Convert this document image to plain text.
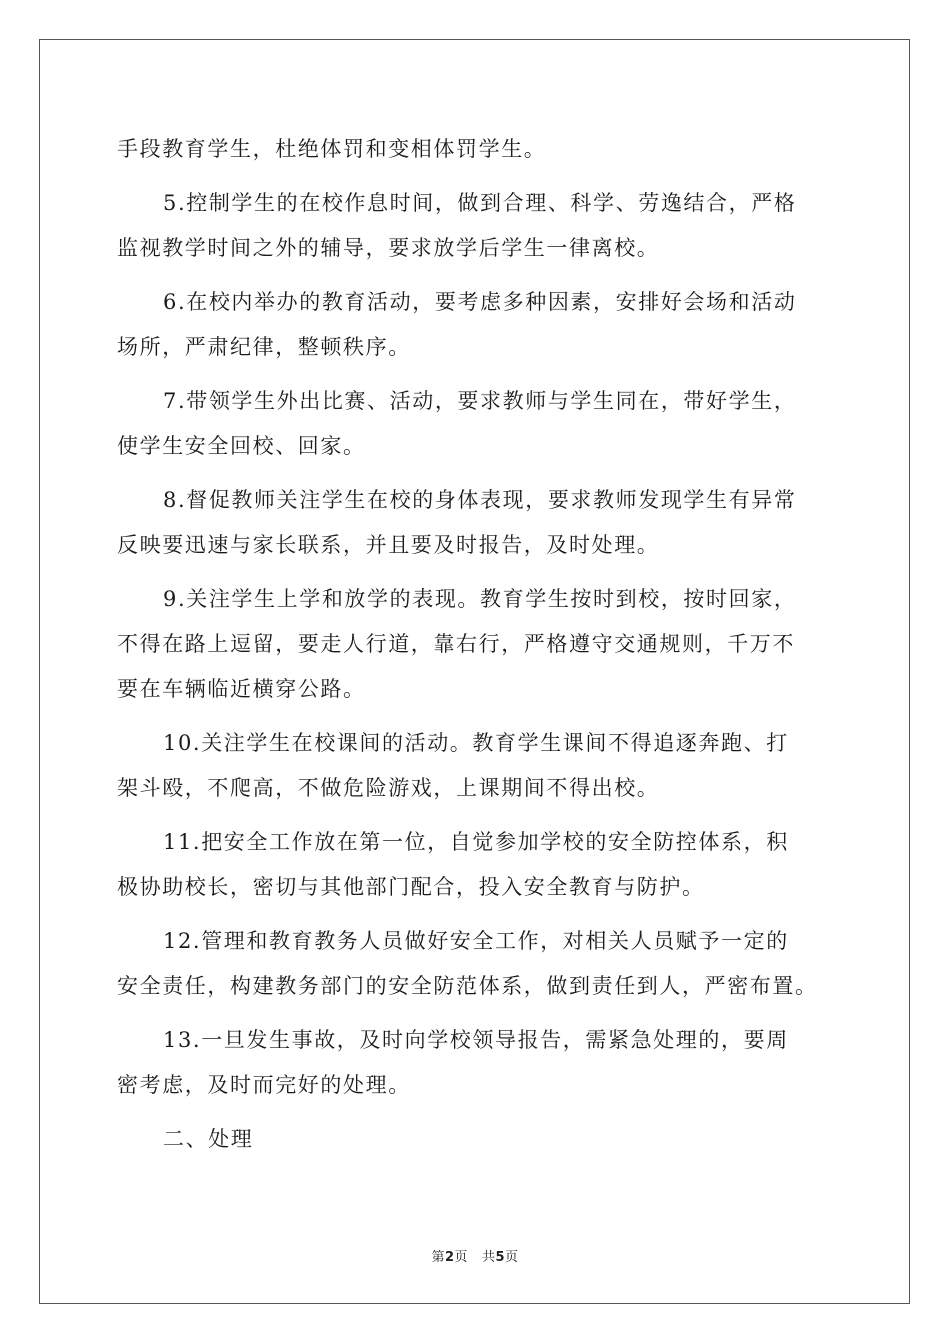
手段教育学生，杜绝体罚和变相体罚学生。
5.控制学生的在校作息时间，做到合理、科学、劳逸结合，严格
监视教学时间之外的辅导，要求放学后学生一律离校。
6.在校内举办的教育活动，要考虑多种因素，安排好会场和活动
场所，严肃纪律，整顿秩序。
7.带领学生外出比赛、活动，要求教师与学生同在，带好学生，
使学生安全回校、回家。
8.督促教师关注学生在校的身体表现，要求教师发现学生有异常
反映要迅速与家长联系，并且要及时报告，及时处理。
9.关注学生上学和放学的表现。教育学生按时到校，按时回家，
不得在路上逗留，要走人行道，靠右行，严格遵守交通规则，千万不
要在车辆临近横穿公路。
10.关注学生在校课间的活动。教育学生课间不得追逐奔跑、打
架斗殴，不爬高，不做危险游戏，上课期间不得出校。
11.把安全工作放在第一位，自觉参加学校的安全防控体系，积
极协助校长，密切与其他部门配合，投入安全教育与防护。
12.管理和教育教务人员做好安全工作，对相关人员赋予一定的
安全责任，构建教务部门的安全防范体系，做到责任到人，严密布置。
13.一旦发生事故，及时向学校领导报告，需紧急处理的，要周
密考虑，及时而完好的处理。
二、处理
第2页 共5页
